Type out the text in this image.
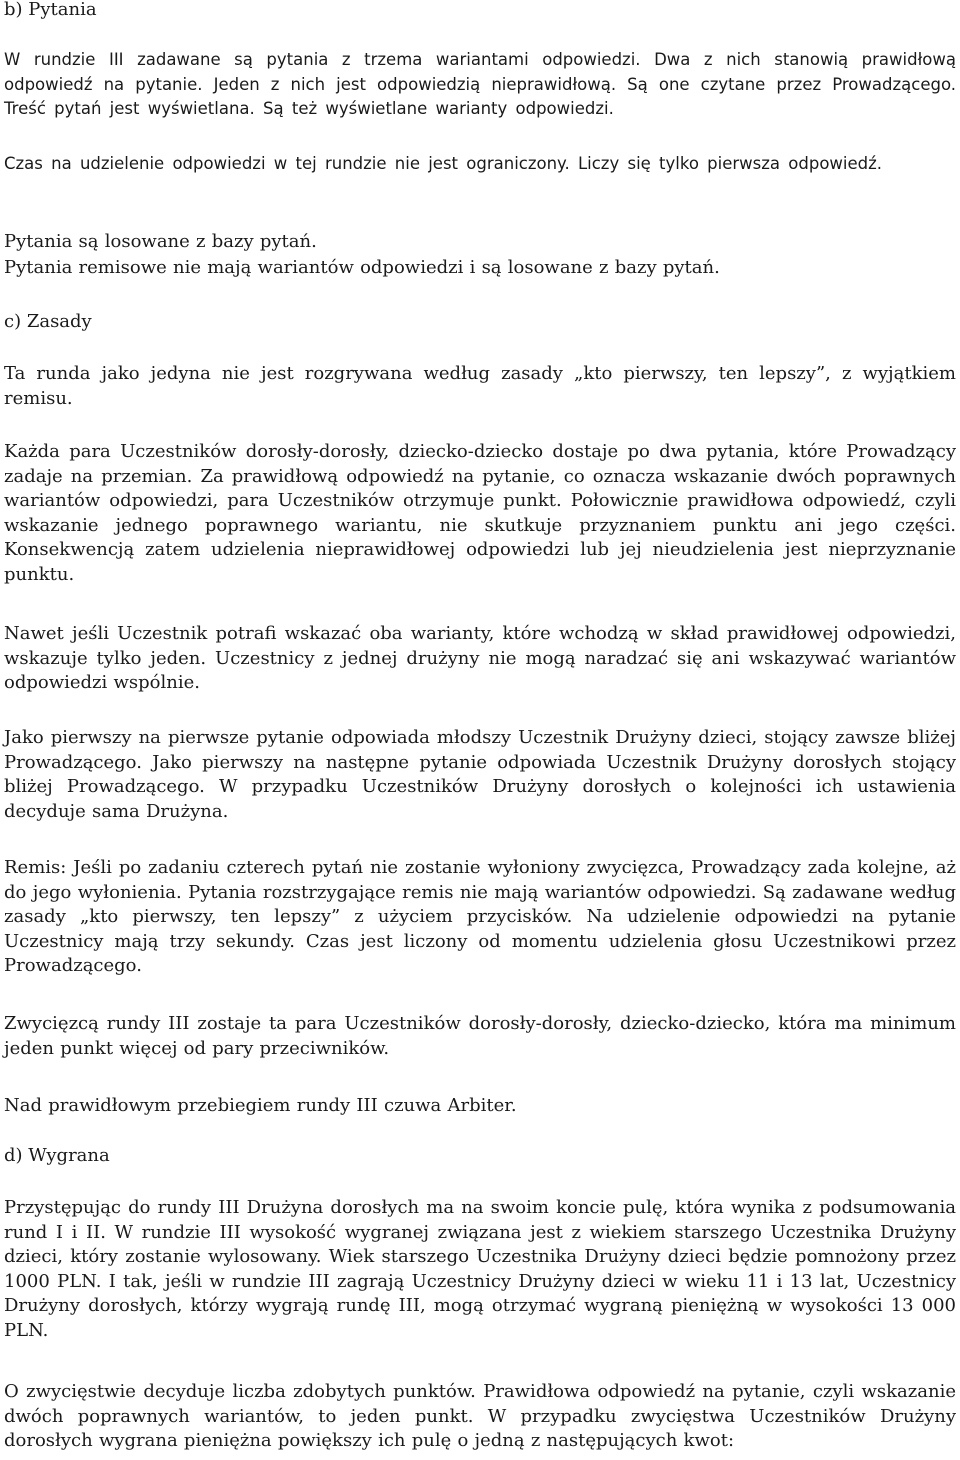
b) Pytania

W rundzie III zadawane są pytania z trzema wariantami odpowiedzi. Dwa z nich stanowią prawidłową odpowiedź na pytanie. Jeden z nich jest odpowiedzią nieprawidłową. Są one czytane przez Prowadzącego. Treść pytań jest wyświetlana. Są też wyświetlane warianty odpowiedzi.

Czas na udzielenie odpowiedzi w tej rundzie nie jest ograniczony. Liczy się tylko pierwsza odpowiedź.

Pytania są losowane z bazy pytań.

Pytania remisowe nie mają wariantów odpowiedzi i są losowane z bazy pytań.

c) Zasady

Ta runda jako jedyna nie jest rozgrywana według zasady „kto pierwszy, ten lepszy”, z wyjątkiem remisu.

Każda para Uczestników dorosły-dorosły, dziecko-dziecko dostaje po dwa pytania, które Prowadzący zadaje na przemian. Za prawidłową odpowiedź na pytanie, co oznacza wskazanie dwóch poprawnych wariantów odpowiedzi, para Uczestników otrzymuje punkt. Połowicznie prawidłowa odpowiedź, czyli wskazanie jednego poprawnego wariantu, nie skutkuje przyznaniem punktu ani jego części. Konsekwencją zatem udzielenia nieprawidłowej odpowiedzi lub jej nieudzielenia jest nieprzyznanie punktu.

Nawet jeśli Uczestnik potrafi wskazać oba warianty, które wchodzą w skład prawidłowej odpowiedzi, wskazuje tylko jeden. Uczestnicy z jednej drużyny nie mogą naradzać się ani wskazywać wariantów odpowiedzi wspólnie.

Jako pierwszy na pierwsze pytanie odpowiada młodszy Uczestnik Drużyny dzieci, stojący zawsze bliżej Prowadzącego. Jako pierwszy na następne pytanie odpowiada Uczestnik Drużyny dorosłych stojący bliżej Prowadzącego. W przypadku Uczestników Drużyny dorosłych o kolejności ich ustawienia decyduje sama Drużyna.

Remis: Jeśli po zadaniu czterech pytań nie zostanie wyłoniony zwycięzca, Prowadzący zada kolejne, aż do jego wyłonienia. Pytania rozstrzygające remis nie mają wariantów odpowiedzi. Są zadawane według zasady „kto pierwszy, ten lepszy” z użyciem przycisków. Na udzielenie odpowiedzi na pytanie Uczestnicy mają trzy sekundy. Czas jest liczony od momentu udzielenia głosu Uczestnikowi przez Prowadzącego.

Zwycięzcą rundy III zostaje ta para Uczestników dorosły-dorosły, dziecko-dziecko, która ma minimum jeden punkt więcej od pary przeciwników.

Nad prawidłowym przebiegiem rundy III czuwa Arbiter.

d) Wygrana

Przystępując do rundy III Drużyna dorosłych ma na swoim koncie pulę, która wynika z podsumowania rund I i II. W rundzie III wysokość wygranej związana jest z wiekiem starszego Uczestnika Drużyny dzieci, który zostanie wylosowany. Wiek starszego Uczestnika Drużyny dzieci będzie pomnożony przez 1000 PLN. I tak, jeśli w rundzie III zagrają Uczestnicy Drużyny dzieci w wieku 11 i 13 lat, Uczestnicy Drużyny dorosłych, którzy wygrają rundę III, mogą otrzymać wygraną pieniężną w wysokości 13 000 PLN.

O zwycięstwie decyduje liczba zdobytych punktów. Prawidłowa odpowiedź na pytanie, czyli wskazanie dwóch poprawnych wariantów, to jeden punkt. W przypadku zwycięstwa Uczestników Drużyny dorosłych wygrana pieniężna powiększy ich pulę o jedną z następujących kwot:
